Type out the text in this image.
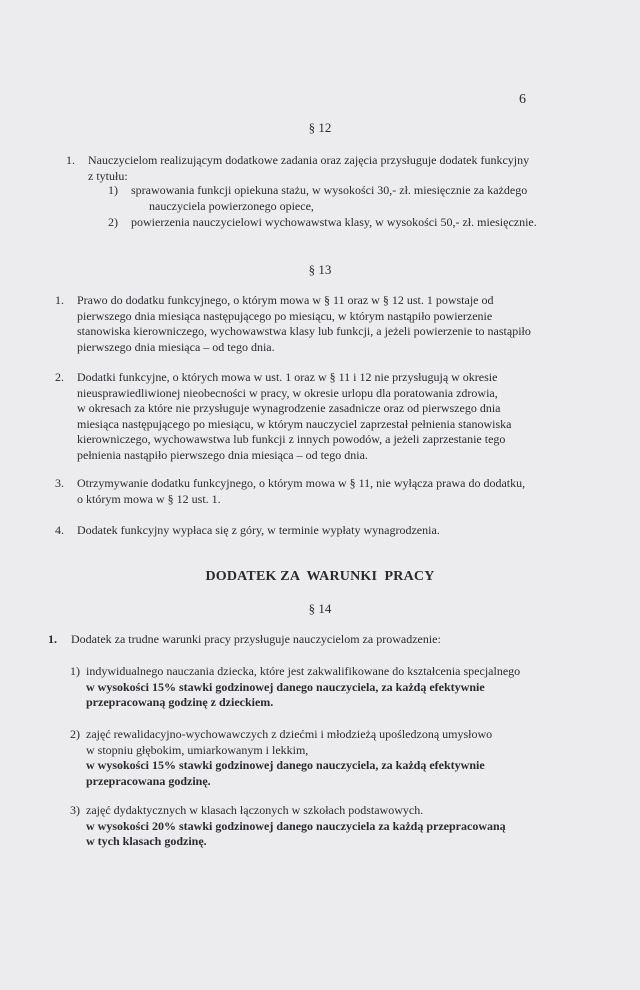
6
§ 12
1. Nauczycielom realizującym dodatkowe zadania oraz zajęcia przysługuje dodatek funkcyjny
z tytułu:
1) sprawowania funkcji opiekuna stażu, w wysokości 30,- zł. miesięcznie za każdego
nauczyciela powierzonego opiece,
2) powierzenia nauczycielowi wychowawstwa klasy, w wysokości 50,- zł. miesięcznie.
§ 13
1. Prawo do dodatku funkcyjnego, o którym mowa w § 11 oraz w § 12 ust. 1 powstaje od
pierwszego dnia miesiąca następującego po miesiącu, w którym nastąpiło powierzenie
stanowiska kierowniczego, wychowawstwa klasy lub funkcji, a jeżeli powierzenie to nastąpiło
pierwszego dnia miesiąca – od tego dnia.
2. Dodatki funkcyjne, o których mowa w ust. 1 oraz w § 11 i 12 nie przysługują w okresie
nieusprawiedliwionej nieobecności w pracy, w okresie urlopu dla poratowania zdrowia,
w okresach za które nie przysługuje wynagrodzenie zasadnicze oraz od pierwszego dnia
miesiąca następującego po miesiącu, w którym nauczyciel zaprzestał pełnienia stanowiska
kierowniczego, wychowawstwa lub funkcji z innych powodów, a jeżeli zaprzestanie tego
pełnienia nastąpiło pierwszego dnia miesiąca – od tego dnia.
3. Otrzymywanie dodatku funkcyjnego, o którym mowa w § 11, nie wyłącza prawa do dodatku,
o którym mowa w § 12 ust. 1.
4. Dodatek funkcyjny wypłaca się z góry, w terminie wypłaty wynagrodzenia.
DODATEK ZA  WARUNKI  PRACY
§ 14
1. Dodatek za trudne warunki pracy przysługuje nauczycielom za prowadzenie:
1) indywidualnego nauczania dziecka, które jest zakwalifikowane do kształcenia specjalnego
w wysokości 15% stawki godzinowej danego nauczyciela, za każdą efektywnie
przepracowaną godzinę z dzieckiem.
2) zajęć rewalidacyjno-wychowawczych z dziećmi i młodzieżą upośledzoną umysłowo
w stopniu głębokim, umiarkowanym i lekkim,
w wysokości 15% stawki godzinowej danego nauczyciela, za każdą efektywnie
przepracowana godzinę.
3) zajęć dydaktycznych w klasach łączonych w szkołach podstawowych.
w wysokości 20% stawki godzinowej danego nauczyciela za każdą przepracowaną
w tych klasach godzinę.
